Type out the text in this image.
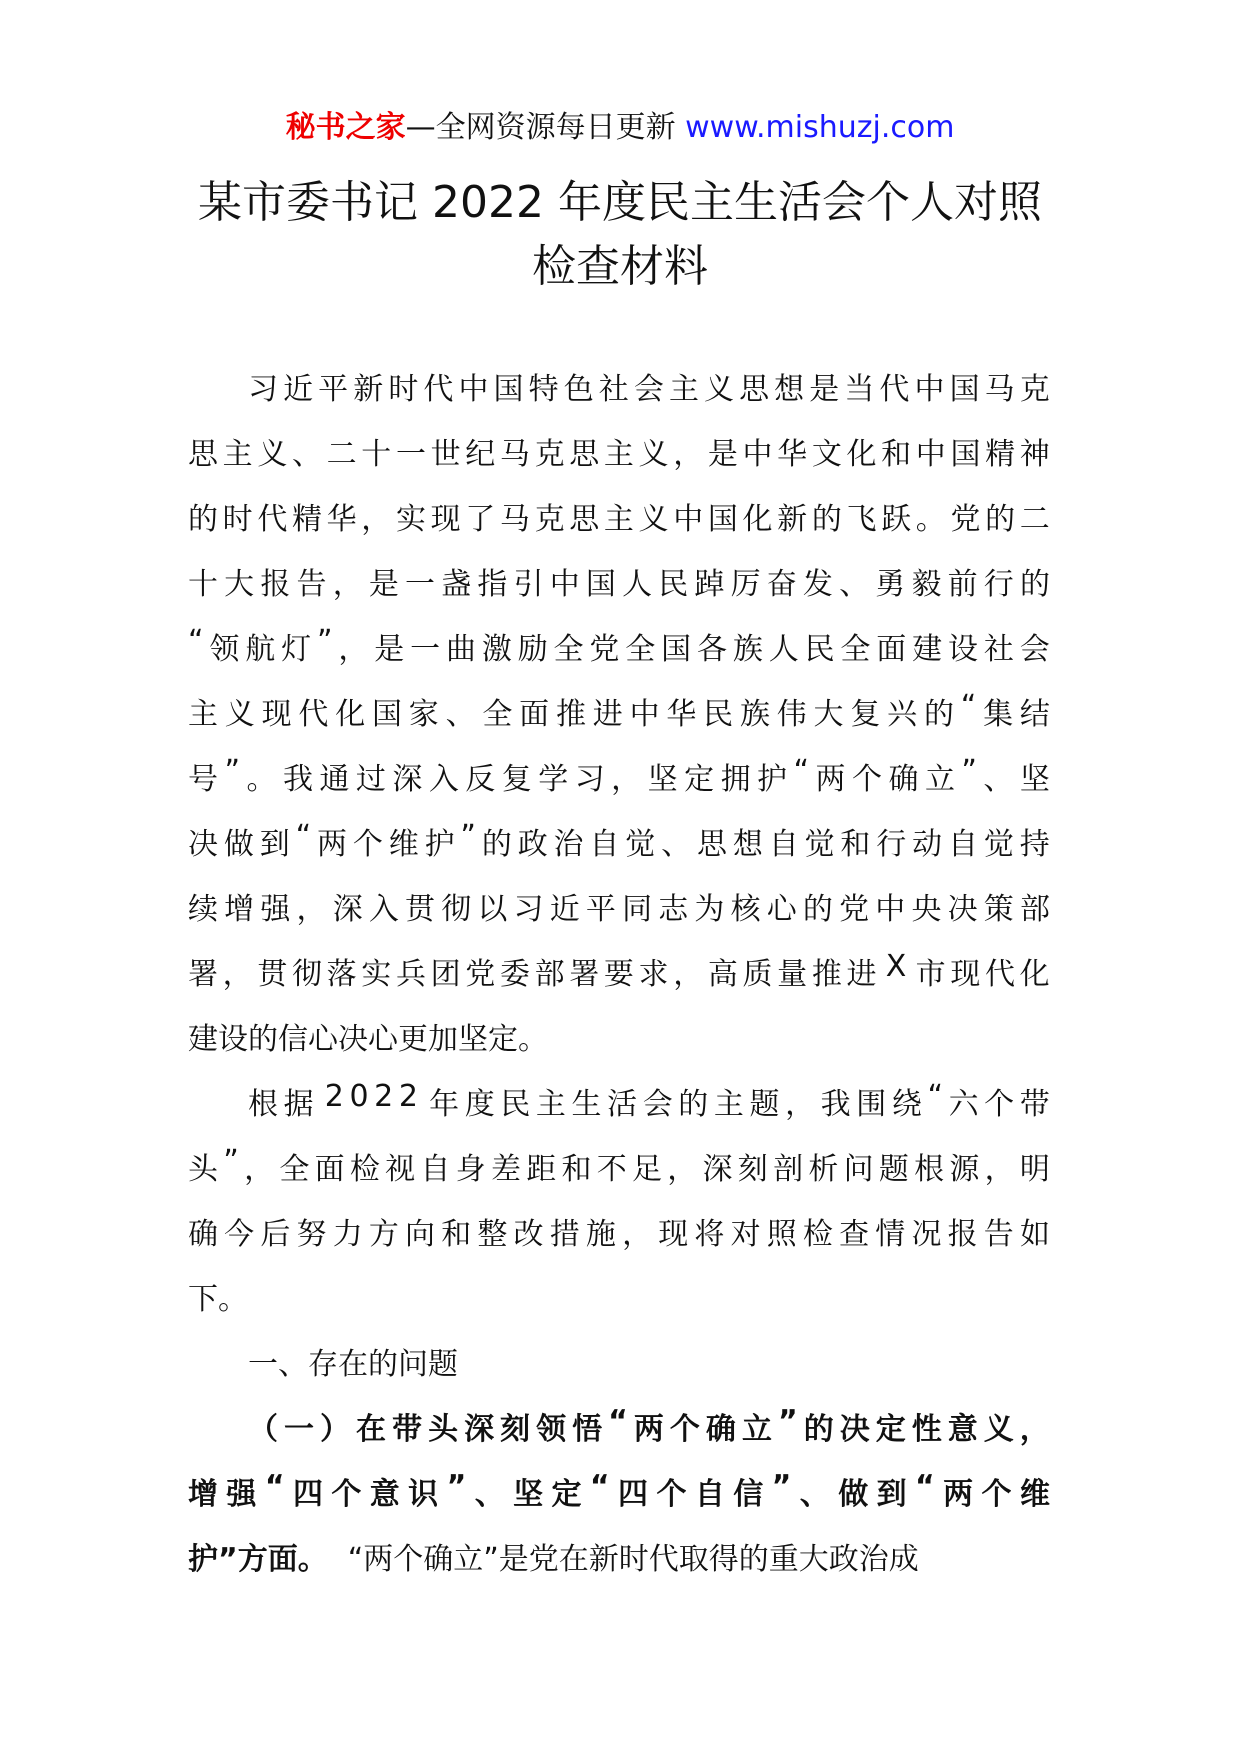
秘书之家—全网资源每日更新 www.mishuzj.com
某市委书记 2022 年度民主生活会个人对照
检查材料

习 近 平 新 时 代 中 国 特 色 社 会 主 义 思 想 是 当 代 中 国 马 克
思 主 义 、 二 十 一 世 纪 马 克 思 主 义 ， 是 中 华 文 化 和 中 国 精 神
的 时 代 精 华 ， 实 现 了 马 克 思 主 义 中 国 化 新 的 飞 跃 。 党 的 二
十 大 报 告 ， 是 一 盏 指 引 中 国 人 民 踔 厉 奋 发 、 勇 毅 前 行 的
“ 领 航 灯 ” ， 是 一 曲 激 励 全 党 全 国 各 族 人 民 全 面 建 设 社 会
主 义 现 代 化 国 家 、 全 面 推 进 中 华 民 族 伟 大 复 兴 的 “ 集 结
号 ” 。 我 通 过 深 入 反 复 学 习 ， 坚 定 拥 护 “ 两 个 确 立 ” 、 坚
决 做 到 “ 两 个 维 护 ” 的 政 治 自 觉 、 思 想 自 觉 和 行 动 自 觉 持
续 增 强 ， 深 入 贯 彻 以 习 近 平 同 志 为 核 心 的 党 中 央 决 策 部
署 ， 贯 彻 落 实 兵 团 党 委 部 署 要 求 ， 高 质 量 推 进 X 市 现 代 化
建设的信心决心更加坚定。

根 据 2 0 2 2 年 度 民 主 生 活 会 的 主 题 ， 我 围 绕 “ 六 个 带
头 ” ， 全 面 检 视 自 身 差 距 和 不 足 ， 深 刻 剖 析 问 题 根 源 ， 明
确 今 后 努 力 方 向 和 整 改 措 施 ， 现 将 对 照 检 查 情 况 报 告 如
下。
　　一、存在的问题

（ 一 ） 在 带 头 深 刻 领 悟 “ 两 个 确 立 ” 的 决 定 性 意 义 ，
增 强 “ 四 个 意 识 ” 、 坚 定 “ 四 个 自 信 ” 、 做 到 “ 两 个 维
护”方面。 “两个确立”是党在新时代取得的重大政治成
